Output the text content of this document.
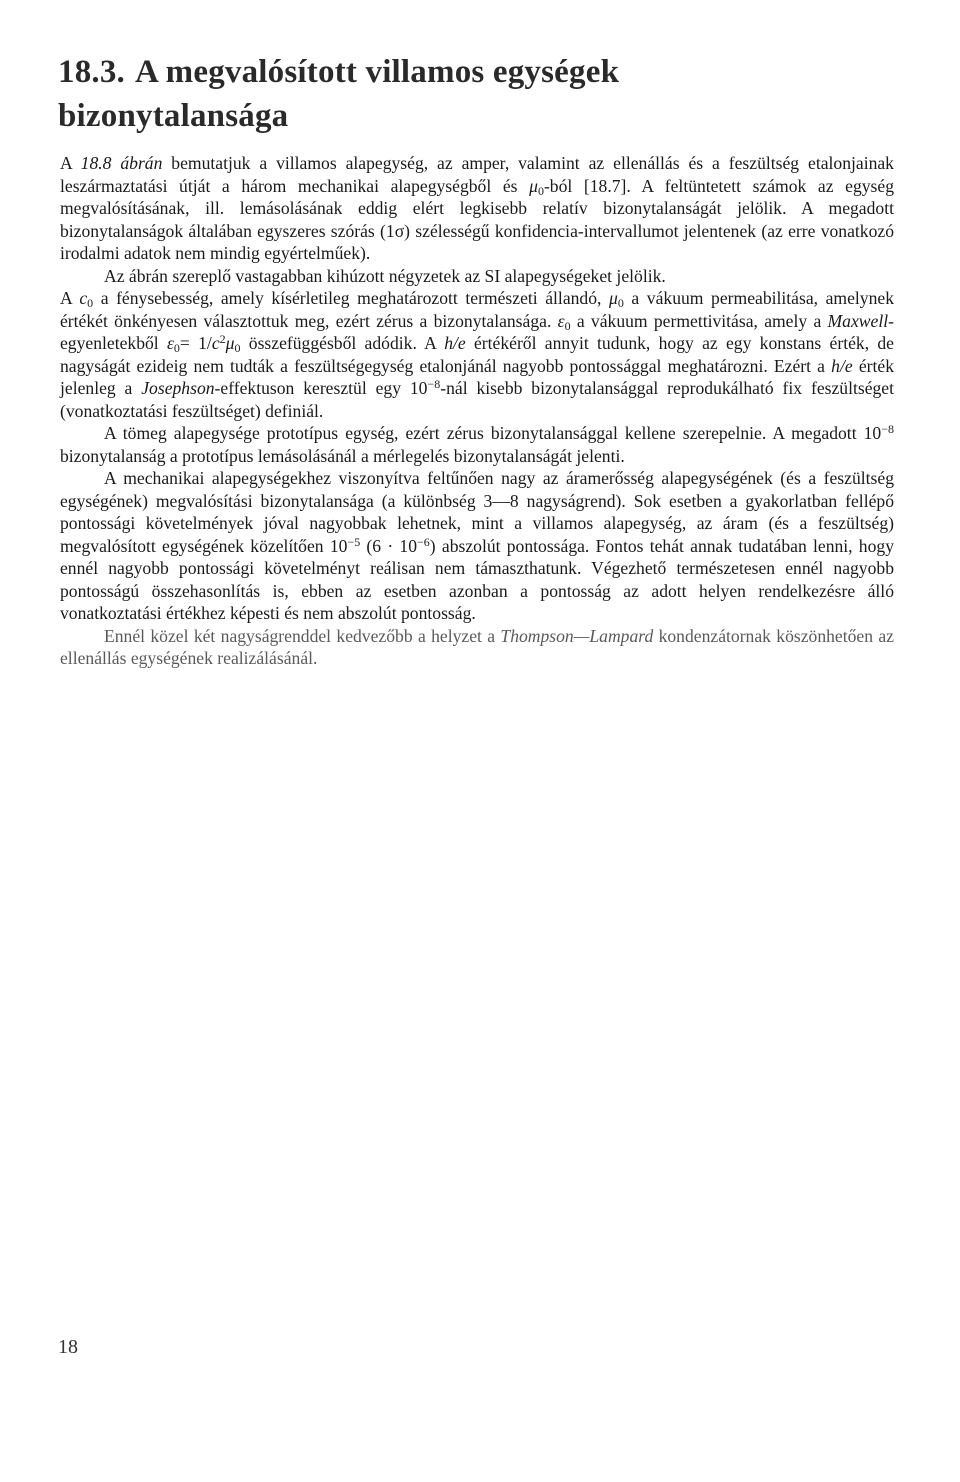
18.3. A megvalósított villamos egységek
bizonytalansága

A 18.8 ábrán bemutatjuk a villamos alapegység, az amper, valamint az ellenállás és a feszültség etalonjainak leszármaztatási útját a három mechanikai alapegységből és $\mu_0$-ból [18.7]. A feltüntetett számok az egység megvalósításának, ill. lemásolásának eddig elért legkisebb relatív bizonytalanságát jelölik. A megadott bizonytalanságok általában egyszeres szórás (1σ) szélességű konfidencia-intervallumot jelentenek (az erre vonatkozó irodalmi adatok nem mindig egyértelműek).

Az ábrán szereplő vastagabban kihúzott négyzetek az SI alapegységeket jelölik.

A $c_0$ a fénysebesség, amely kísérletileg meghatározott természeti állandó, $\mu_0$ a vákuum permeabilitása, amelynek értékét önkényesen választottuk meg, ezért zérus a bizonytalansága. $\varepsilon_0$ a vákuum permettivitása, amely a Maxwell-egyenletekből $\varepsilon_0= 1/c^2\mu_0$ összefüggésből adódik. A h/e értékéről annyit tudunk, hogy az egy konstans érték, de nagyságát ezideig nem tudták a feszültségegység etalonjánál nagyobb pontossággal meghatározni. Ezért a h/e érték jelenleg a Josephson-effektuson keresztül egy $10^{-8}$-nál kisebb bizonytalansággal reprodukálható fix feszültséget (vonatkoztatási feszültséget) definiál.

A tömeg alapegysége prototípus egység, ezért zérus bizonytalansággal kellene szerepelnie. A megadott $10^{-8}$ bizonytalanság a prototípus lemásolásánál a mérlegelés bizonytalanságát jelenti.

A mechanikai alapegységekhez viszonyítva feltűnően nagy az áramerősség alapegységének (és a feszültség egységének) megvalósítási bizonytalansága (a különbség 3—8 nagyságrend). Sok esetben a gyakorlatban fellépő pontossági követelmények jóval nagyobbak lehetnek, mint a villamos alapegység, az áram (és a feszültség) megvalósított egységének közelítően $10^{-5}$ $(6 \cdot 10^{-6})$ abszolút pontossága. Fontos tehát annak tudatában lenni, hogy ennél nagyobb pontossági követelményt reálisan nem támaszthatunk. Végezhető természetesen ennél nagyobb pontosságú összehasonlítás is, ebben az esetben azonban a pontosság az adott helyen rendelkezésre álló vonatkoztatási értékhez képesti és nem abszolút pontosság.

Ennél közel két nagyságrenddel kedvezőbb a helyzet a Thompson—Lampard kondenzátornak köszönhetően az ellenállás egységének realizálásánál.

18
